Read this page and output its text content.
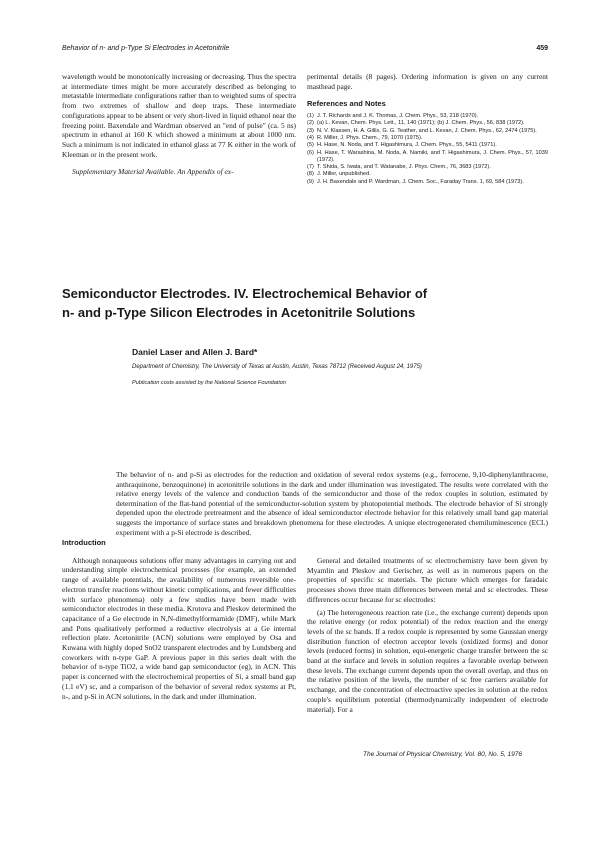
Behavior of n- and p-Type Si Electrodes in Acetonitrile	459

wavelength would be monotonically increasing or decreasing. Thus the spectra at intermediate times might be more accurately described as belonging to metastable intermediate configurations rather than to weighted sums of spectra from two extremes of shallow and deep traps. These intermediate configurations appear to be absent or very short-lived in liquid ethanol near the freezing point. Baxendale and Wardman observed an "end of pulse" (ca. 5 ns) spectrum in ethanol at 160 K which showed a minimum at about 1000 nm. Such a minimum is not indicated in ethanol glass at 77 K either in the work of Kleeman or in the present work.

Supplementary Material Available. An Appendix of ex-

perimental details (8 pages). Ordering information is given on any current masthead page.

References and Notes
(1) J. T. Richards and J. K. Thomas, J. Chem. Phys., 53, 218 (1970).
(2) (a) L. Kevan, Chem. Phys. Lett., 11, 140 (1971); (b) J. Chem. Phys., 56, 838 (1972).
(3) N. V. Klassen, H. A. Gillis, G. G. Teather, and L. Kevan, J. Chem. Phys., 62, 2474 (1975).
(4) R. Miller, J. Phys. Chem., 79, 1070 (1975).
(5) H. Hase, N. Noda, and T. Higashimura, J. Chem. Phys., 55, 5411 (1971).
(6) H. Hase, T. Warashina, M. Noda, A. Namiki, and T. Higashimura, J. Chem. Phys., 57, 1039 (1972).
(7) T. Shida, S. Iwata, and T. Watanabe, J. Phys. Chem., 76, 3683 (1972).
(8) J. Miller, unpublished.
(9) J. H. Baxendale and P. Wardman, J. Chem. Soc., Faraday Trans. 1, 69, 584 (1973).
Semiconductor Electrodes. IV. Electrochemical Behavior of
n- and p-Type Silicon Electrodes in Acetonitrile Solutions
Daniel Laser and Allen J. Bard*
Department of Chemistry, The University of Texas at Austin, Austin, Texas 78712 (Received August 24, 1975)
Publication costs assisted by the National Science Foundation
The behavior of n- and p-Si as electrodes for the reduction and oxidation of several redox systems (e.g., ferrocene, 9,10-diphenylanthracene, anthraquinone, benzoquinone) in acetonitrile solutions in the dark and under illumination was investigated. The results were correlated with the relative energy levels of the valence and conduction bands of the semiconductor and those of the redox couples in solution, estimated by determination of the flat-band potential of the semiconductor-solution system by photopotential methods. The electrode behavior of Si strongly depended upon the electrode pretreatment and the absence of ideal semiconductor electrode behavior for this relatively small band gap material suggests the importance of surface states and breakdown phenomena for these electrodes. A unique electrogenerated chemiluminescence (ECL) experiment with a p-Si electrode is described.
Introduction

Although nonaqueous solutions offer many advantages in carrying out and understanding simple electrochemical processes (for example, an extended range of available potentials, the availability of numerous reversible one-electron transfer reactions without kinetic complications, and fewer difficulties with surface phenomena) only a few studies have been made with semiconductor electrodes in these media. Krotova and Pleskov determined the capacitance of a Ge electrode in N,N-dimethylformamide (DMF), while Mark and Pons qualitatively performed a reductive electrolysis at a Ge internal reflection plate. Acetonitrile (ACN) solutions were employed by Osa and Kuwana with highly doped SnO2 transparent electrodes and by Lundsberg and coworkers with n-type GaP. A previous paper in this series dealt with the behavior of n-type TiO2, a wide band gap semiconductor (eg), in ACN. This paper is concerned with the electrochemical properties of Si, a small band gap (1.1 eV) sc, and a comparison of the behavior of several redox systems at Pt, n-, and p-Si in ACN solutions, in the dark and under illumination.

General and detailed treatments of sc electrochemistry have been given by Myamlin and Pleskov and Gerischer, as well as in numerous papers on the properties of specific sc materials. The picture which emerges for faradaic processes shows three main differences between metal and sc electrodes. These differences occur because for sc electrodes:

(a) The heterogeneous reaction rate (i.e., the exchange current) depends upon the relative energy (or redox potential) of the redox reaction and the energy levels of the sc bands. If a redox couple is represented by some Gaussian energy distribution function of electron acceptor levels (oxidized forms) and donor levels (reduced forms) in solution, equi-energetic charge transfer between the sc band at the surface and levels in solution requires a favorable overlap between these levels. The exchange current depends upon the overall overlap, and thus on the relative position of the levels, the number of sc free carriers available for exchange, and the concentration of electroactive species in solution at the redox couple's equilibrium potential (thermodynamically independent of electrode material). For a

The Journal of Physical Chemistry, Vol. 80, No. 5, 1976
